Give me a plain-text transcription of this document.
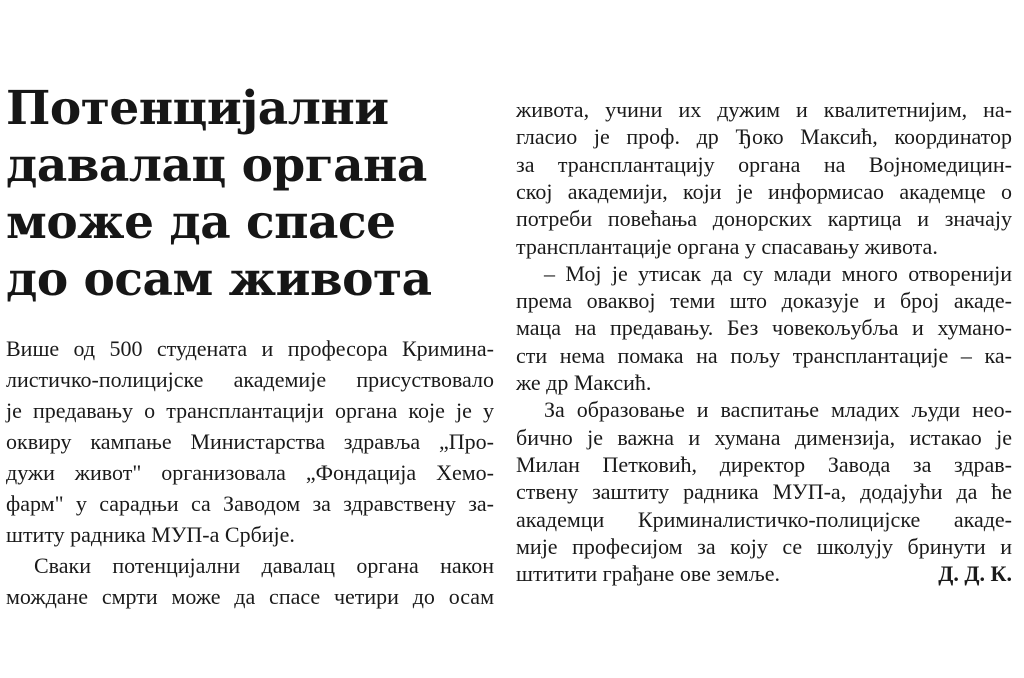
Потенцијални
давалац органа
може да спасе
до осам живота
Више од 500 студената и професора Кримина-
листичко-полицијске академије присуствовало
је предавању о трансплантацији органа које је у
оквиру кампање Министарства здравља „Про-
дужи живот" организовала „Фондација Хемо-
фарм" у сарадњи са Заводом за здравствену за-
штиту радника МУП-а Србије.
Сваки потенцијални давалац органа након
мождане смрти може да спасе четири до осам
живота, учини их дужим и квалитетнијим, на-
гласио је проф. др Ђоко Максић, координатор
за трансплантацију органа на Војномедицин-
ској академији, који је информисао академце о
потреби повећања донорских картица и значају
трансплантације органа у спасавању живота.
– Мој је утисак да су млади много отворенији
према оваквој теми што доказује и број акаде-
маца на предавању. Без човекољубља и хумано-
сти нема помака на пољу трансплантације – ка-
же др Максић.
За образовање и васпитање младих људи нео-
бично је важна и хумана димензија, истакао је
Милан Петковић, директор Завода за здрав-
ствену заштиту радника МУП-а, додајући да ће
академци Криминалистичко-полицијске акаде-
мије професијом за коју се школују бринути и
штитити грађане ове земље.	Д. Д. К.
